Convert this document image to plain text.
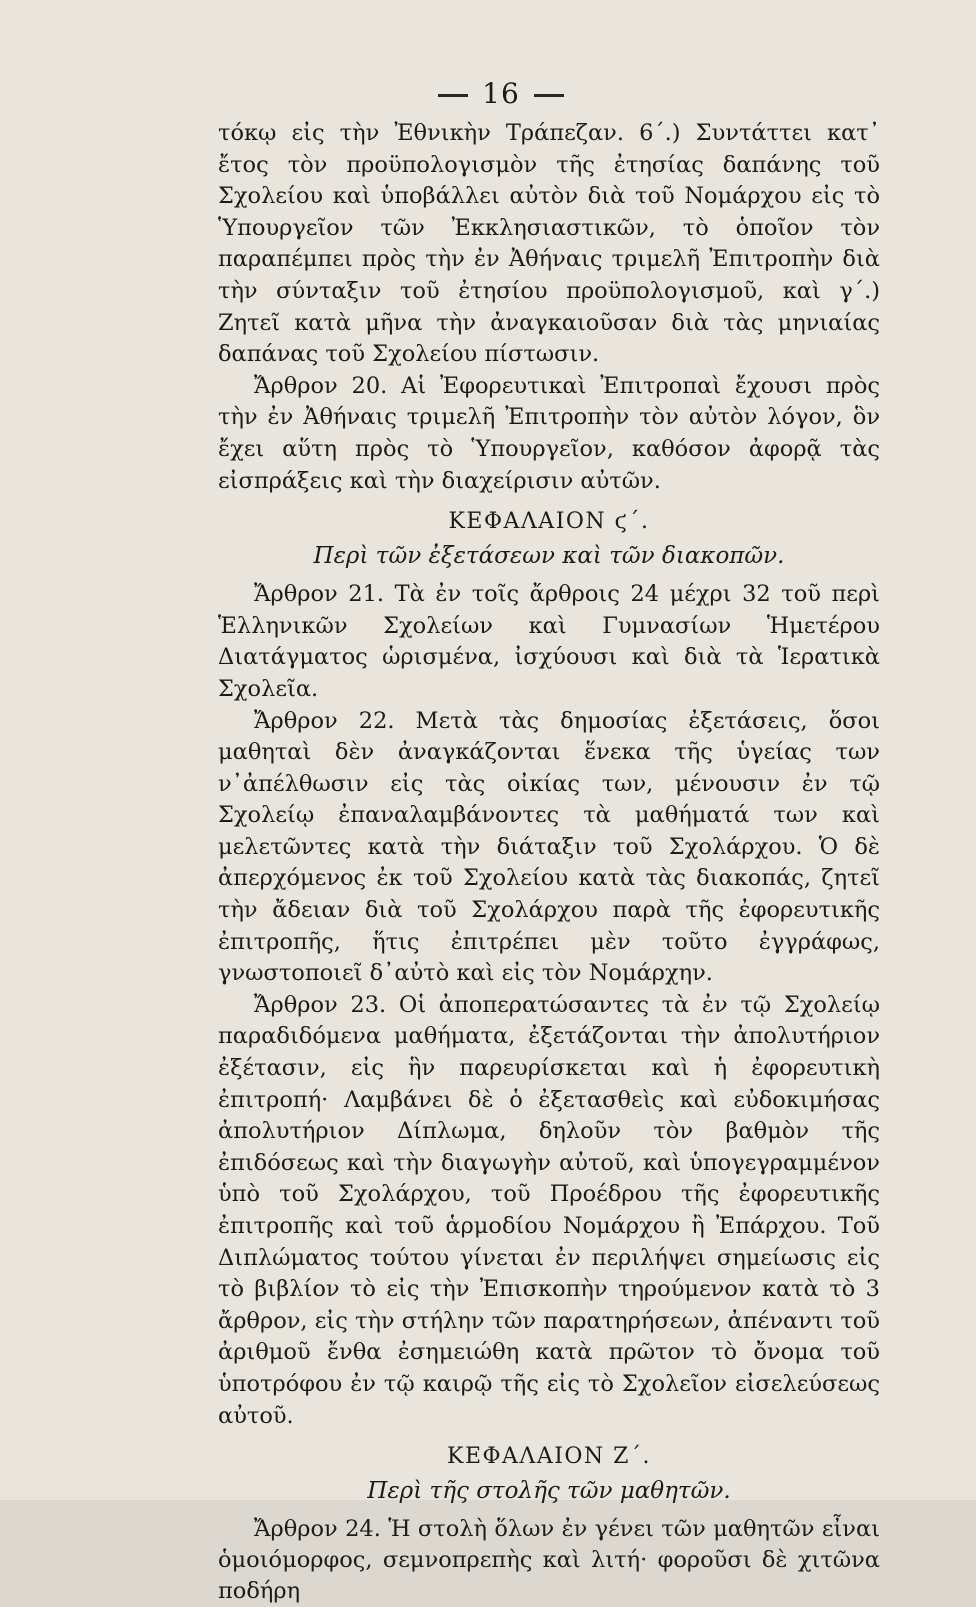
16

τόκῳ εἰς τὴν Ἐθνικὴν Τράπεζαν. 6΄.) Συντάττει κατ᾽ ἔτος τὸν προϋπολογισμὸν τῆς ἐτησίας δαπάνης τοῦ Σχολείου καὶ ὑποβάλλει αὐτὸν διὰ τοῦ Νομάρχου εἰς τὸ Ὑπουργεῖον τῶν Ἐκκλησιαστικῶν, τὸ ὁποῖον τὸν παραπέμπει πρὸς τὴν ἐν Ἀθήναις τριμελῆ Ἐπιτροπὴν διὰ τὴν σύνταξιν τοῦ ἐτησίου προϋπολογισμοῦ, καὶ γ΄.) Ζητεῖ κατὰ μῆνα τὴν ἀναγκαιοῦσαν διὰ τὰς μηνιαίας δαπάνας τοῦ Σχολείου πίστωσιν.

Ἄρθρον 20. Αἱ Ἐφορευτικαὶ Ἐπιτροπαὶ ἔχουσι πρὸς τὴν ἐν Ἀθήναις τριμελῆ Ἐπιτροπὴν τὸν αὐτὸν λόγον, ὃν ἔχει αὕτη πρὸς τὸ Ὑπουργεῖον, καθόσον ἀφορᾷ τὰς εἰσπράξεις καὶ τὴν διαχείρισιν αὐτῶν.

ΚΕΦΑΛΑΙΟΝ ϛ΄.
Περὶ τῶν ἐξετάσεων καὶ τῶν διακοπῶν.

Ἄρθρον 21. Τὰ ἐν τοῖς ἄρθροις 24 μέχρι 32 τοῦ περὶ Ἑλληνικῶν Σχολείων καὶ Γυμνασίων Ἡμετέρου Διατάγματος ὡρισμένα, ἰσχύουσι καὶ διὰ τὰ Ἱερατικὰ Σχολεῖα.

Ἄρθρον 22. Μετὰ τὰς δημοσίας ἐξετάσεις, ὅσοι μαθηταὶ δὲν ἀναγκάζονται ἕνεκα τῆς ὑγείας των ν᾽ἀπέλθωσιν εἰς τὰς οἰκίας των, μένουσιν ἐν τῷ Σχολείῳ ἐπαναλαμβάνοντες τὰ μαθήματά των καὶ μελετῶντες κατὰ τὴν διάταξιν τοῦ Σχολάρχου. Ὁ δὲ ἀπερχόμενος ἐκ τοῦ Σχολείου κατὰ τὰς διακοπάς, ζητεῖ τὴν ἄδειαν διὰ τοῦ Σχολάρχου παρὰ τῆς ἐφορευτικῆς ἐπιτροπῆς, ἥτις ἐπιτρέπει μὲν τοῦτο ἐγγράφως, γνωστοποιεῖ δ᾽αὐτὸ καὶ εἰς τὸν Νομάρχην.

Ἄρθρον 23. Οἱ ἀποπερατώσαντες τὰ ἐν τῷ Σχολείῳ παραδιδόμενα μαθήματα, ἐξετάζονται τὴν ἀπολυτήριον ἐξέτασιν, εἰς ἣν παρευρίσκεται καὶ ἡ ἐφορευτικὴ ἐπιτροπή· Λαμβάνει δὲ ὁ ἐξετασθεὶς καὶ εὐδοκιμήσας ἀπολυτήριον Δίπλωμα, δηλοῦν τὸν βαθμὸν τῆς ἐπιδόσεως καὶ τὴν διαγωγὴν αὐτοῦ, καὶ ὑπογεγραμμένον ὑπὸ τοῦ Σχολάρχου, τοῦ Προέδρου τῆς ἐφορευτικῆς ἐπιτροπῆς καὶ τοῦ ἁρμοδίου Νομάρχου ἢ Ἐπάρχου. Τοῦ Διπλώματος τούτου γίνεται ἐν περιλήψει σημείωσις εἰς τὸ βιβλίον τὸ εἰς τὴν Ἐπισκοπὴν τηρούμενον κατὰ τὸ 3 ἄρθρον, εἰς τὴν στήλην τῶν παρατηρήσεων, ἀπέναντι τοῦ ἀριθμοῦ ἔνθα ἐσημειώθη κατὰ πρῶτον τὸ ὄνομα τοῦ ὑποτρόφου ἐν τῷ καιρῷ τῆς εἰς τὸ Σχολεῖον εἰσελεύσεως αὐτοῦ.

ΚΕΦΑΛΑΙΟΝ Ζ΄.
Περὶ τῆς στολῆς τῶν μαθητῶν.

Ἄρθρον 24. Ἡ στολὴ ὅλων ἐν γένει τῶν μαθητῶν εἶναι ὁμοιόμορφος, σεμνοπρεπὴς καὶ λιτή· φοροῦσι δὲ χιτῶνα ποδήρη
